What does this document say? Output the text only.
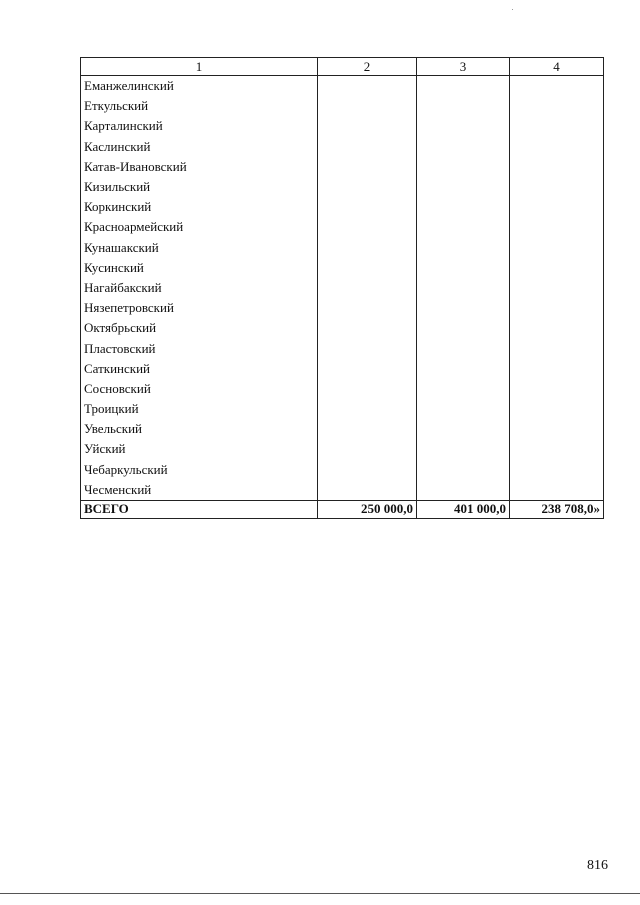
1	2	3	4
Еманжелинский			
Еткульский			
Карталинский			
Каслинский			
Катав-Ивановский			
Кизильский			
Коркинский			
Красноармейский			
Кунашакский			
Кусинский			
Нагайбакский			
Нязепетровский			
Октябрьский			
Пластовский			
Саткинский			
Сосновский			
Троицкий			
Увельский			
Уйский			
Чебаркульский			
Чесменский			
ВСЕГО	250 000,0	401 000,0	238 708,0»
816
